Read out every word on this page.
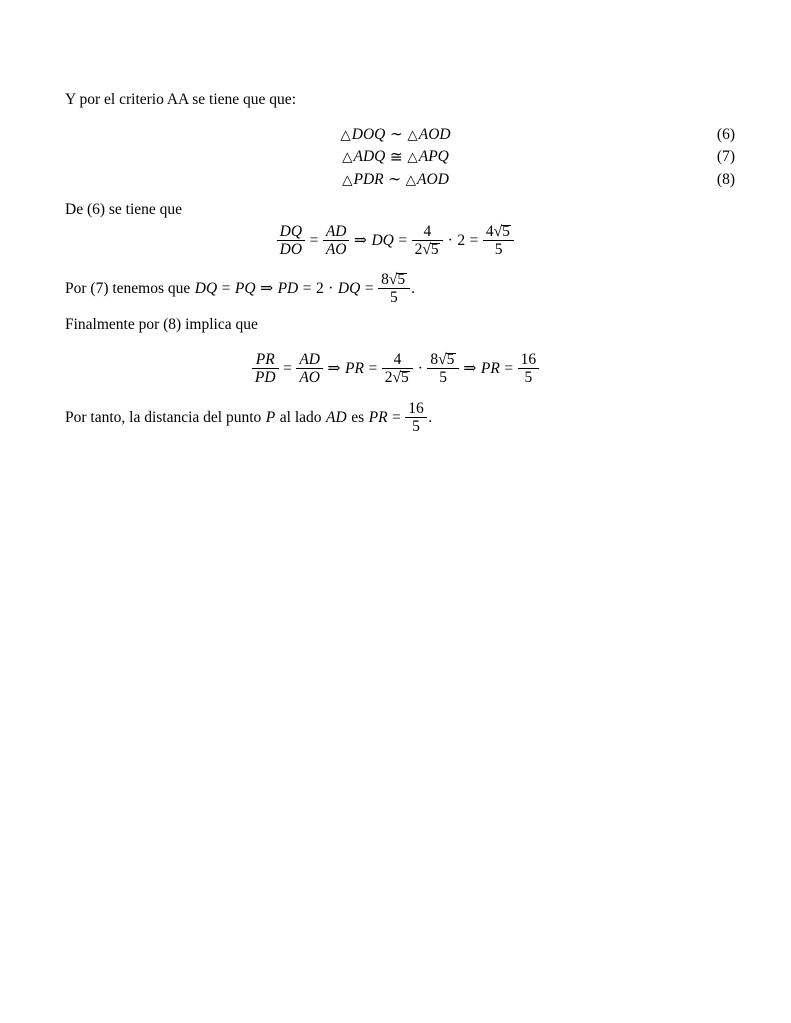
Y por el criterio AA se tiene que que:

△ DOQ ∼ △ AOD	(6)
△ ADQ ≅ △ APQ	(7)
△ PDR ∼ △ AOD	(8)

De (6) se tiene que

$\frac{DQ}{DO} = \frac{AD}{AO}$ ⇒ DQ = $\frac{4}{2 √ 5} \cdot 2 = \frac{4 √ 5}{5}$
Por (7) tenemos que DQ = PQ ⇒ PD = 2 · DQ = $\frac{8 √ 5}{5}$ .

Finalmente por (8) implica que

$\frac{PR}{PD} = \frac{AD}{AO}$ ⇒ PR = $\frac{4}{2 √ 5} \cdot \frac{8 √ 5}{5}$ ⇒ PR = $\frac{16}{5}$
Por tanto, la distancia del punto P al lado AD es PR = $\frac{16}{5}$ .
